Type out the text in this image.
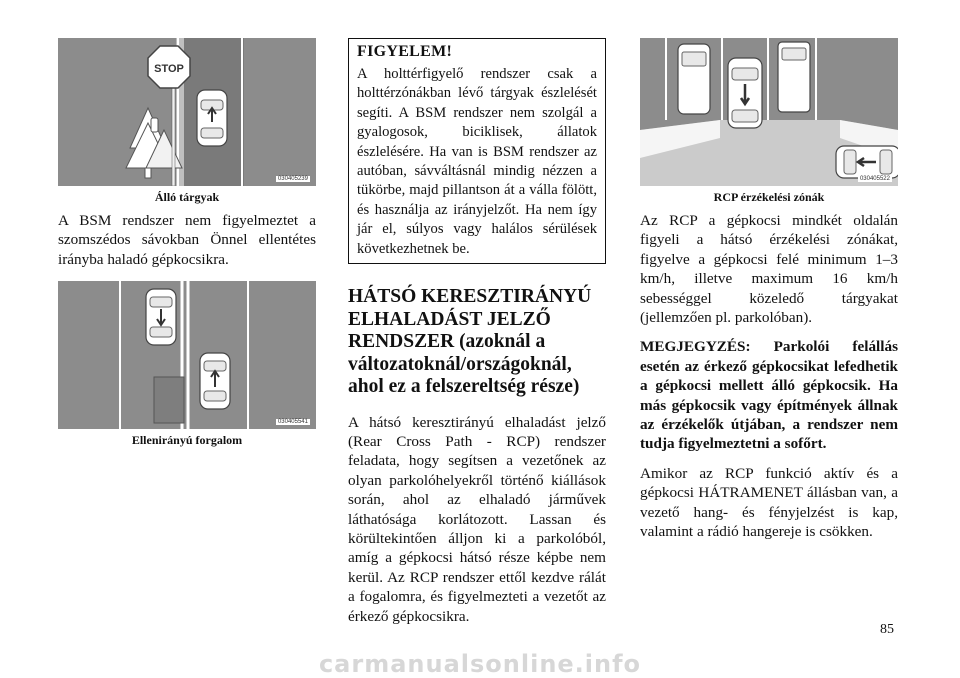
STOP
030405239
Álló tárgyak

A BSM rendszer nem figyelmeztet a szomszédos sávokban Önnel ellentétes irányba haladó gépkocsikra.

030405541
Ellenirányú forgalom
FIGYELEM!

A holttérfigyelő rendszer csak a holttérzónákban lévő tárgyak észlelését segíti. A BSM rendszer nem szolgál a gyalogosok, biciklisek, állatok észlelésére. Ha van is BSM rendszer az autóban, sávváltásnál mindig nézzen a tükörbe, majd pillantson át a válla fölött, és használja az irányjelzőt. Ha nem így jár el, súlyos vagy halálos sérülések következhetnek be.

HÁTSÓ KERESZTIRÁNYÚ ELHALADÁST JELZŐ RENDSZER (azoknál a változatoknál/országoknál, ahol ez a felszereltség része)

A hátsó keresztirányú elhaladást jelző (Rear Cross Path - RCP) rendszer feladata, hogy segítsen a vezetőnek az olyan parkolóhelyekről történő kiállások során, ahol az elhaladó járművek láthatósága korlátozott. Lassan és körültekintően álljon ki a parkolóból, amíg a gépkocsi hátsó része képbe nem kerül. Az RCP rendszer ettől kezdve rálát a fogalomra, és figyelmezteti a vezetőt az érkező gépkocsikra.

030405522
RCP érzékelési zónák

Az RCP a gépkocsi mindkét oldalán figyeli a hátsó érzékelési zónákat, figyelve a gépkocsi felé minimum 1–3 km/h, illetve maximum 16 km/h sebességgel közeledő tárgyakat (jellemzően pl. parkolóban).

MEGJEGYZÉS: Parkolói felállás esetén az érkező gépkocsikat lefedhetik a gépkocsi mellett álló gépkocsik. Ha más gépkocsik vagy építmények állnak az érzékelők útjában, a rendszer nem tudja figyelmeztetni a sofőrt.

Amikor az RCP funkció aktív és a gépkocsi HÁTRAMENET állásban van, a vezető hang- és fényjelzést is kap, valamint a rádió hangereje is csökken.

85
carmanualsonline.info
